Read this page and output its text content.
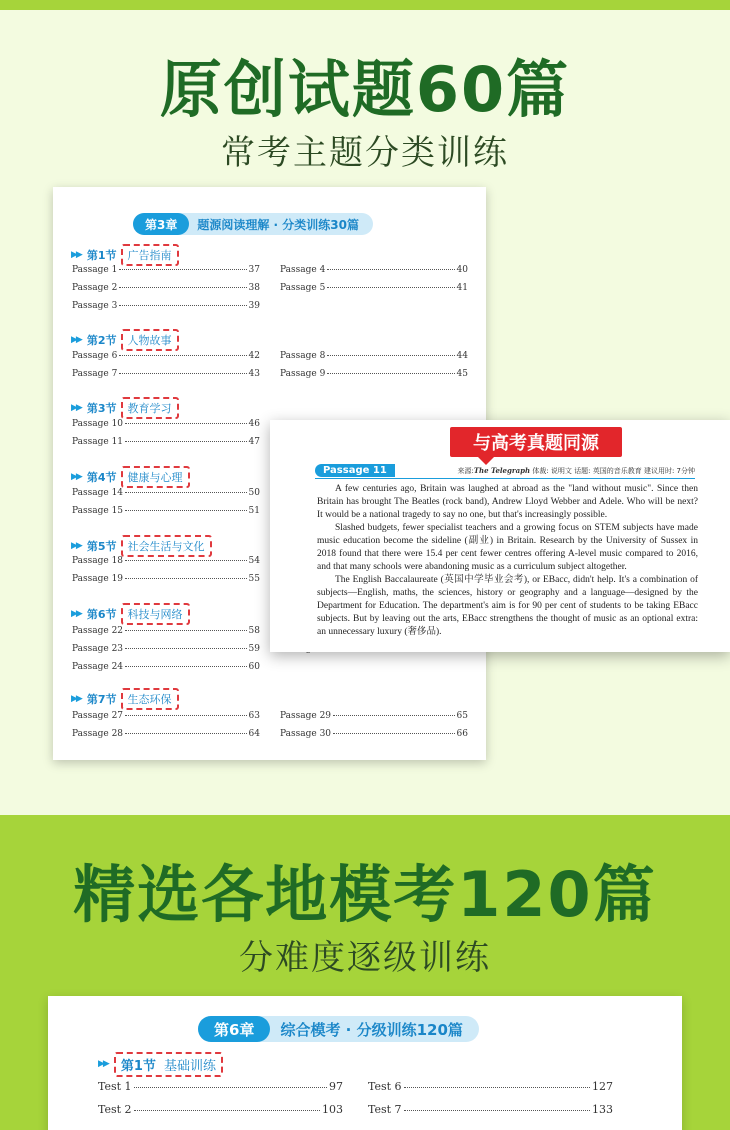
原创试题60篇
常考主题分类训练
第3章	题源阅读理解 · 分类训练30篇
▶▶ 第1节	广告指南
▶▶ 第2节	人物故事
▶▶ 第3节	教育学习
▶▶ 第4节	健康与心理
▶▶ 第5节	社会生活与文化
▶▶ 第6节	科技与网络
▶▶ 第7节	生态环保
Passage 1	37
Passage 2	38
Passage 3	39
Passage 4	40
Passage 5	41
Passage 6	42
Passage 7	43
Passage 8	44
Passage 9	45
Passage 10	46
Passage 11	47
Passage 14	50
Passage 15	51
Passage 18	54
Passage 19	55
Passage 22	58
Passage 23	59
Passage 24	60
Passage 27	63
Passage 28	64
Passage 29	65
Passage 30	66
与高考真题同源
Passage 11	来源:The Telegraph 体裁: 说明文 话题: 英国的音乐教育 建议用时: 7分钟

A few centuries ago, Britain was laughed at abroad as the "land without music". Since then Britain has brought The Beatles (rock band), Andrew Lloyd Webber and Adele. Who will be next? It would be a national tragedy to say no one, but that's increasingly possible.

Slashed budgets, fewer specialist teachers and a growing focus on STEM subjects have made music education become the sideline (副业) in Britain. Research by the University of Sussex in 2018 found that there were 15.4 per cent fewer centres offering A-level music compared to 2016, and that many schools were abandoning music as a curriculum subject altogether.

The English Baccalaureate (英国中学毕业会考), or EBacc, didn't help. It's a combination of subjects—English, maths, the sciences, history or geography and a language—designed by the Department for Education. The department's aim is for 90 per cent of students to be taking EBacc subjects. But by leaving out the arts, EBacc strengthens the thought of music as an optional extra: an unnecessary luxury (奢侈品).

精选各地模考120篇
分难度逐级训练
第6章	综合模考 · 分级训练120篇
▶▶	第1节 基础训练
Test 1	97
Test 2	103
Test 6	127
Test 7	133
